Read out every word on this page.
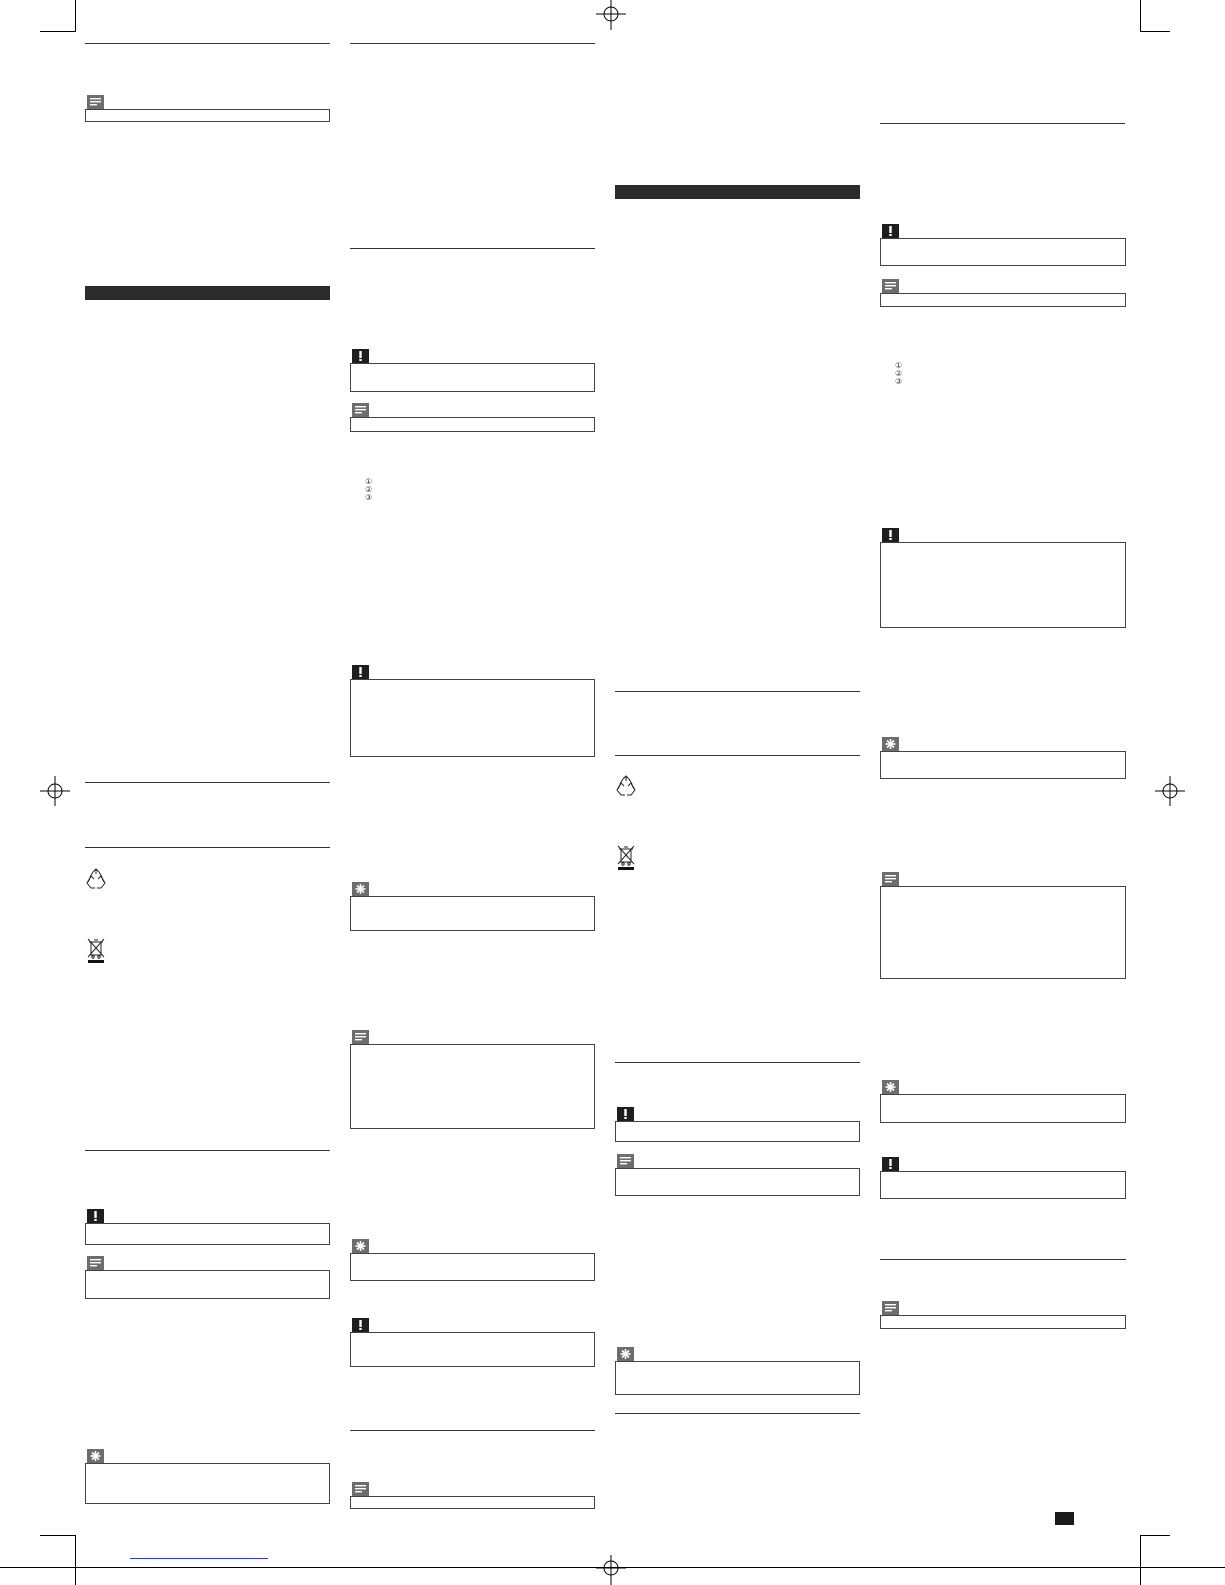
①
②
③
①
②
③
